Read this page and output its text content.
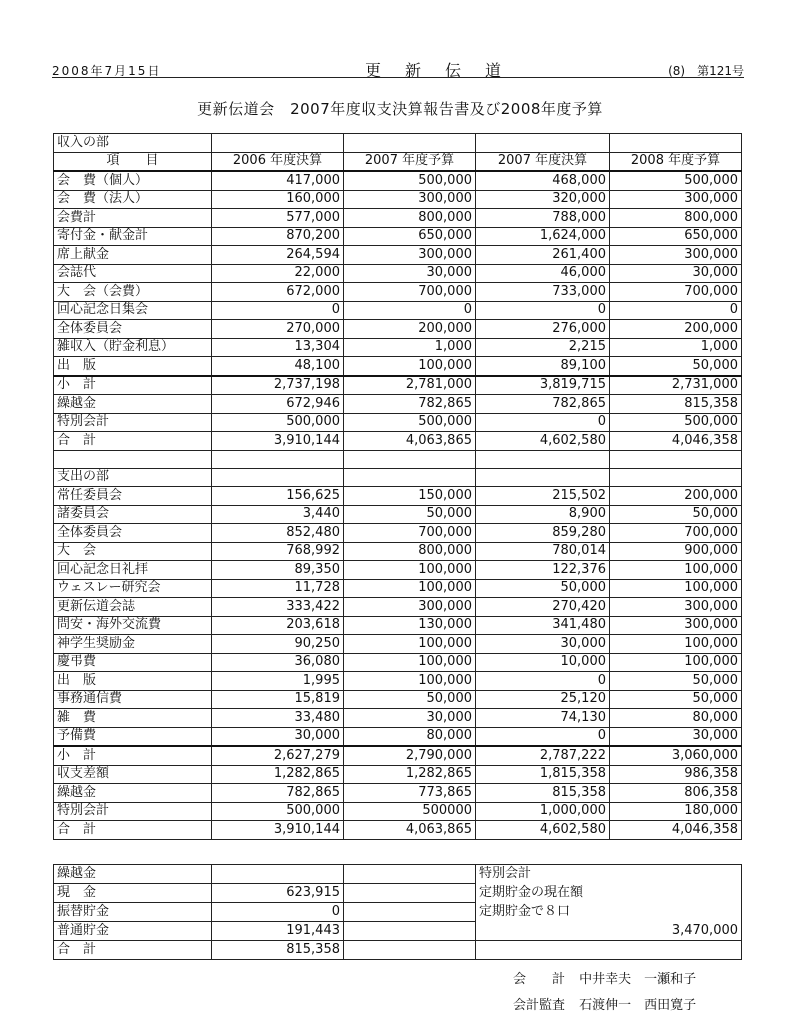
2008年7月15日	更新伝道	(8)　第121号
更新伝道会　2007年度収支決算報告書及び2008年度予算
収入の部				
項　　目	2006 年度決算	2007 年度予算	2007 年度決算	2008 年度予算
会　費（個人）	417,000	500,000	468,000	500,000
会　費（法人）	160,000	300,000	320,000	300,000
会費計	577,000	800,000	788,000	800,000
寄付金・献金計	870,200	650,000	1,624,000	650,000
席上献金	264,594	300,000	261,400	300,000
会誌代	22,000	30,000	46,000	30,000
大　会（会費）	672,000	700,000	733,000	700,000
回心記念日集会	0	0	0	0
全体委員会	270,000	200,000	276,000	200,000
雑収入（貯金利息）	13,304	1,000	2,215	1,000
出　版	48,100	100,000	89,100	50,000
小　計	2,737,198	2,781,000	3,819,715	2,731,000
繰越金	672,946	782,865	782,865	815,358
特別会計	500,000	500,000	0	500,000
合　計	3,910,144	4,063,865	4,602,580	4,046,358

支出の部				
常任委員会	156,625	150,000	215,502	200,000
諸委員会	3,440	50,000	8,900	50,000
全体委員会	852,480	700,000	859,280	700,000
大　会	768,992	800,000	780,014	900,000
回心記念日礼拝	89,350	100,000	122,376	100,000
ウェスレー研究会	11,728	100,000	50,000	100,000
更新伝道会誌	333,422	300,000	270,420	300,000
問安・海外交流費	203,618	130,000	341,480	300,000
神学生奨励金	90,250	100,000	30,000	100,000
慶弔費	36,080	100,000	10,000	100,000
出　版	1,995	100,000	0	50,000
事務通信費	15,819	50,000	25,120	50,000
雑　費	33,480	30,000	74,130	80,000
予備費	30,000	80,000	0	30,000
小　計	2,627,279	2,790,000	2,787,222	3,060,000
収支差額	1,282,865	1,282,865	1,815,358	986,358
繰越金	782,865	773,865	815,358	806,358
特別会計	500,000	500000	1,000,000	180,000
合　計	3,910,144	4,063,865	4,602,580	4,046,358
繰越金			特別会計
現　金	623,915		定期貯金の現在額
振替貯金	0		定期貯金で８口
普通貯金	191,443		3,470,000
合　計	815,358		
会　　計 中井幸夫　一瀬和子
会計監査 石渡伸一　西田寛子
